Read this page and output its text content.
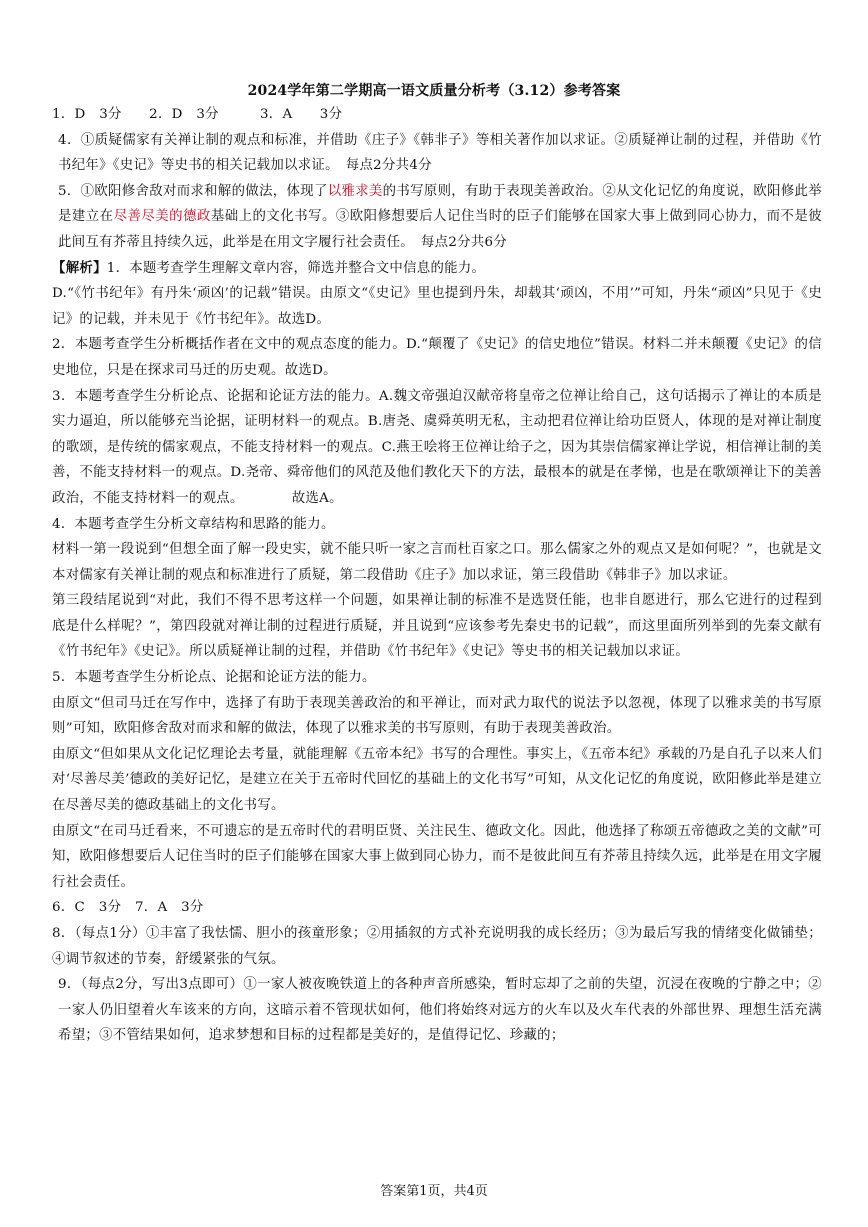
2024学年第二学期高一语文质量分析考（3.12）参考答案

1．D　3分　　2．D　3分　　　3．A　　3分

4．①质疑儒家有关禅让制的观点和标准，并借助《庄子》《韩非子》等相关著作加以求证。②质疑禅让制的过程，并借助《竹书纪年》《史记》等史书的相关记载加以求证。　每点2分共4分

5．①欧阳修舍敌对而求和解的做法，体现了以雅求美的书写原则，有助于表现美善政治。②从文化记忆的角度说，欧阳修此举是建立在尽善尽美的德政基础上的文化书写。③欧阳修想要后人记住当时的臣子们能够在国家大事上做到同心协力，而不是彼此间互有芥蒂且持续久远，此举是在用文字履行社会责任。　每点2分共6分

【解析】1．本题考查学生理解文章内容，筛选并整合文中信息的能力。

D.“《竹书纪年》有丹朱‘顽凶’的记载”错误。由原文“《史记》里也提到丹朱，却载其‘顽凶，不用’”可知，丹朱“顽凶”只见于《史记》的记载，并未见于《竹书纪年》。故选D。

2．本题考查学生分析概括作者在文中的观点态度的能力。D.“颠覆了《史记》的信史地位”错误。材料二并未颠覆《史记》的信史地位，只是在探求司马迁的历史观。故选D。

3．本题考查学生分析论点、论据和论证方法的能力。A.魏文帝强迫汉献帝将皇帝之位禅让给自己，这句话揭示了禅让的本质是实力逼迫，所以能够充当论据，证明材料一的观点。B.唐尧、虞舜英明无私，主动把君位禅让给功臣贤人，体现的是对禅让制度的歌颂，是传统的儒家观点，不能支持材料一的观点。C.燕王哙将王位禅让给子之，因为其崇信儒家禅让学说，相信禅让制的美善，不能支持材料一的观点。D.尧帝、舜帝他们的风范及他们教化天下的方法，最根本的就是在孝悌，也是在歌颂禅让下的美善政治，不能支持材料一的观点。　　　　故选A。

4．本题考查学生分析文章结构和思路的能力。

材料一第一段说到“但想全面了解一段史实，就不能只听一家之言而杜百家之口。那么儒家之外的观点又是如何呢？”，也就是文本对儒家有关禅让制的观点和标准进行了质疑，第二段借助《庄子》加以求证，第三段借助《韩非子》加以求证。

第三段结尾说到“对此，我们不得不思考这样一个问题，如果禅让制的标准不是选贤任能，也非自愿进行，那么它进行的过程到底是什么样呢？”，第四段就对禅让制的过程进行质疑，并且说到“应该参考先秦史书的记载”，而这里面所列举到的先秦文献有《竹书纪年》《史记》。所以质疑禅让制的过程，并借助《竹书纪年》《史记》等史书的相关记载加以求证。

5．本题考查学生分析论点、论据和论证方法的能力。

由原文“但司马迁在写作中，选择了有助于表现美善政治的和平禅让，而对武力取代的说法予以忽视，体现了以雅求美的书写原则”可知，欧阳修舍敌对而求和解的做法，体现了以雅求美的书写原则，有助于表现美善政治。

由原文“但如果从文化记忆理论去考量，就能理解《五帝本纪》书写的合理性。事实上，《五帝本纪》承载的乃是自孔子以来人们对‘尽善尽美’德政的美好记忆，是建立在关于五帝时代回忆的基础上的文化书写”可知，从文化记忆的角度说，欧阳修此举是建立在尽善尽美的德政基础上的文化书写。

由原文“在司马迁看来，不可遗忘的是五帝时代的君明臣贤、关注民生、德政文化。因此，他选择了称颂五帝德政之美的文献”可知，欧阳修想要后人记住当时的臣子们能够在国家大事上做到同心协力，而不是彼此间互有芥蒂且持续久远，此举是在用文字履行社会责任。

6．C　3分　7．A　3分

8．（每点1分）①丰富了我怯懦、胆小的孩童形象；②用插叙的方式补充说明我的成长经历；③为最后写我的情绪变化做铺垫；④调节叙述的节奏，舒缓紧张的气氛。

9．（每点2分，写出3点即可）①一家人被夜晚铁道上的各种声音所感染，暂时忘却了之前的失望，沉浸在夜晚的宁静之中；②一家人仍旧望着火车该来的方向，这暗示着不管现状如何，他们将始终对远方的火车以及火车代表的外部世界、理想生活充满希望；③不管结果如何，追求梦想和目标的过程都是美好的，是值得记忆、珍藏的；

答案第1页，共4页
